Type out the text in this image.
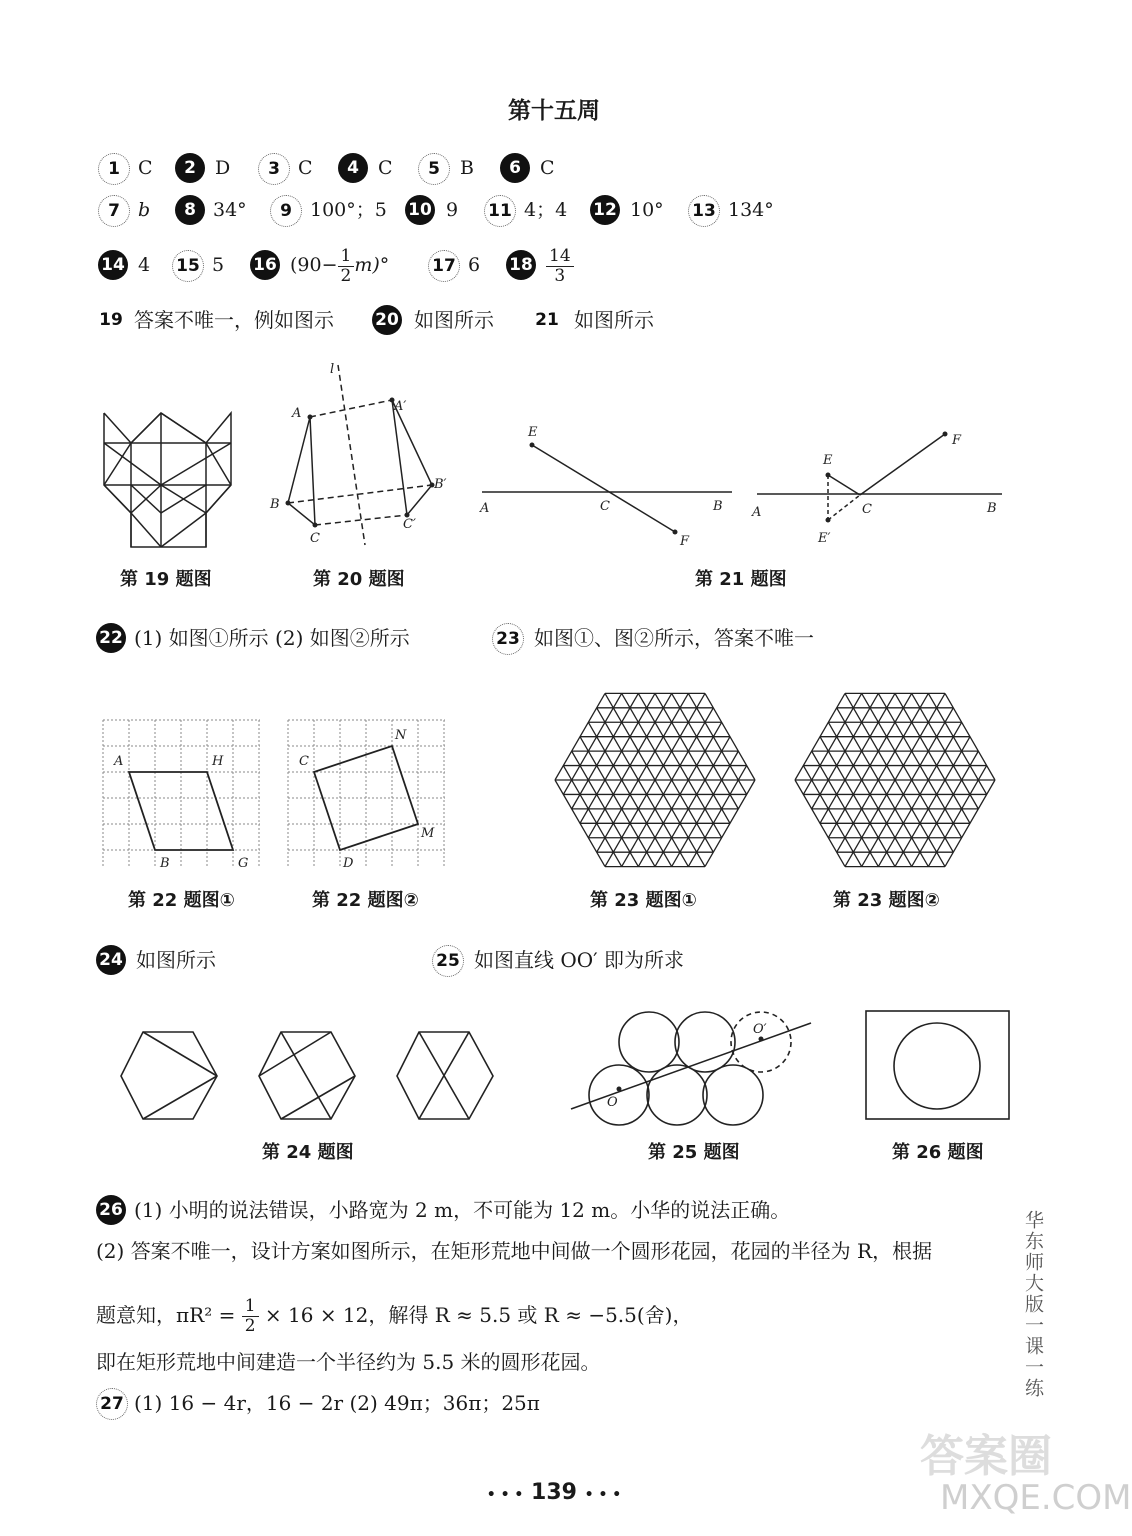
第十五周
1 C	2	D	3 C	4	C	5	B	6	C
7 b	8 34°	9 100°；5 10 9 11 4；4 12 10° 13 134°
14 4 15 5 16 $(90- \frac{1}{2} m)^\circ$	17 6 $18 \frac{14}{3}$
19 答案不唯一，例如图示 20 如图所示 21 如图所示
第 19 题图
l
A	A′
B
B′
C
C′
第 20 题图
E
A	C	B
F
E
A	C	B
F
E′
第 21 题图
22 (1) 如图①所示 (2) 如图②所示	23 如图①、图②所示，答案不唯一
A	H
B	G
第 22 题图①
C
N
M
D
第 22 题图②	第 23 题图①	第 23 题图②
24 如图所示	25 如图直线 OO′ 即为所求
第 24 题图
O
O′
第 25 题图	第 26 题图
26 (1) 小明的说法错误，小路宽为 2 m，不可能为 12 m。小华的说法正确。
(2) 答案不唯一，设计方案如图所示，在矩形荒地中间做一个圆形花园，花园的半径为 R，根据
题意知，$\pi R^2 = \frac{1}{2} \times 16 \times 12$，解得 R ≈ 5.5 或 R ≈ −5.5(舍)，
即在矩形荒地中间建造一个半径约为 5.5 米的圆形花园。
27 (1) 16 − 4r，16 − 2r (2) 49π；36π；25π
华东师大版一课一练
• • • 139 • • •
答案圈
MXQE.COM
